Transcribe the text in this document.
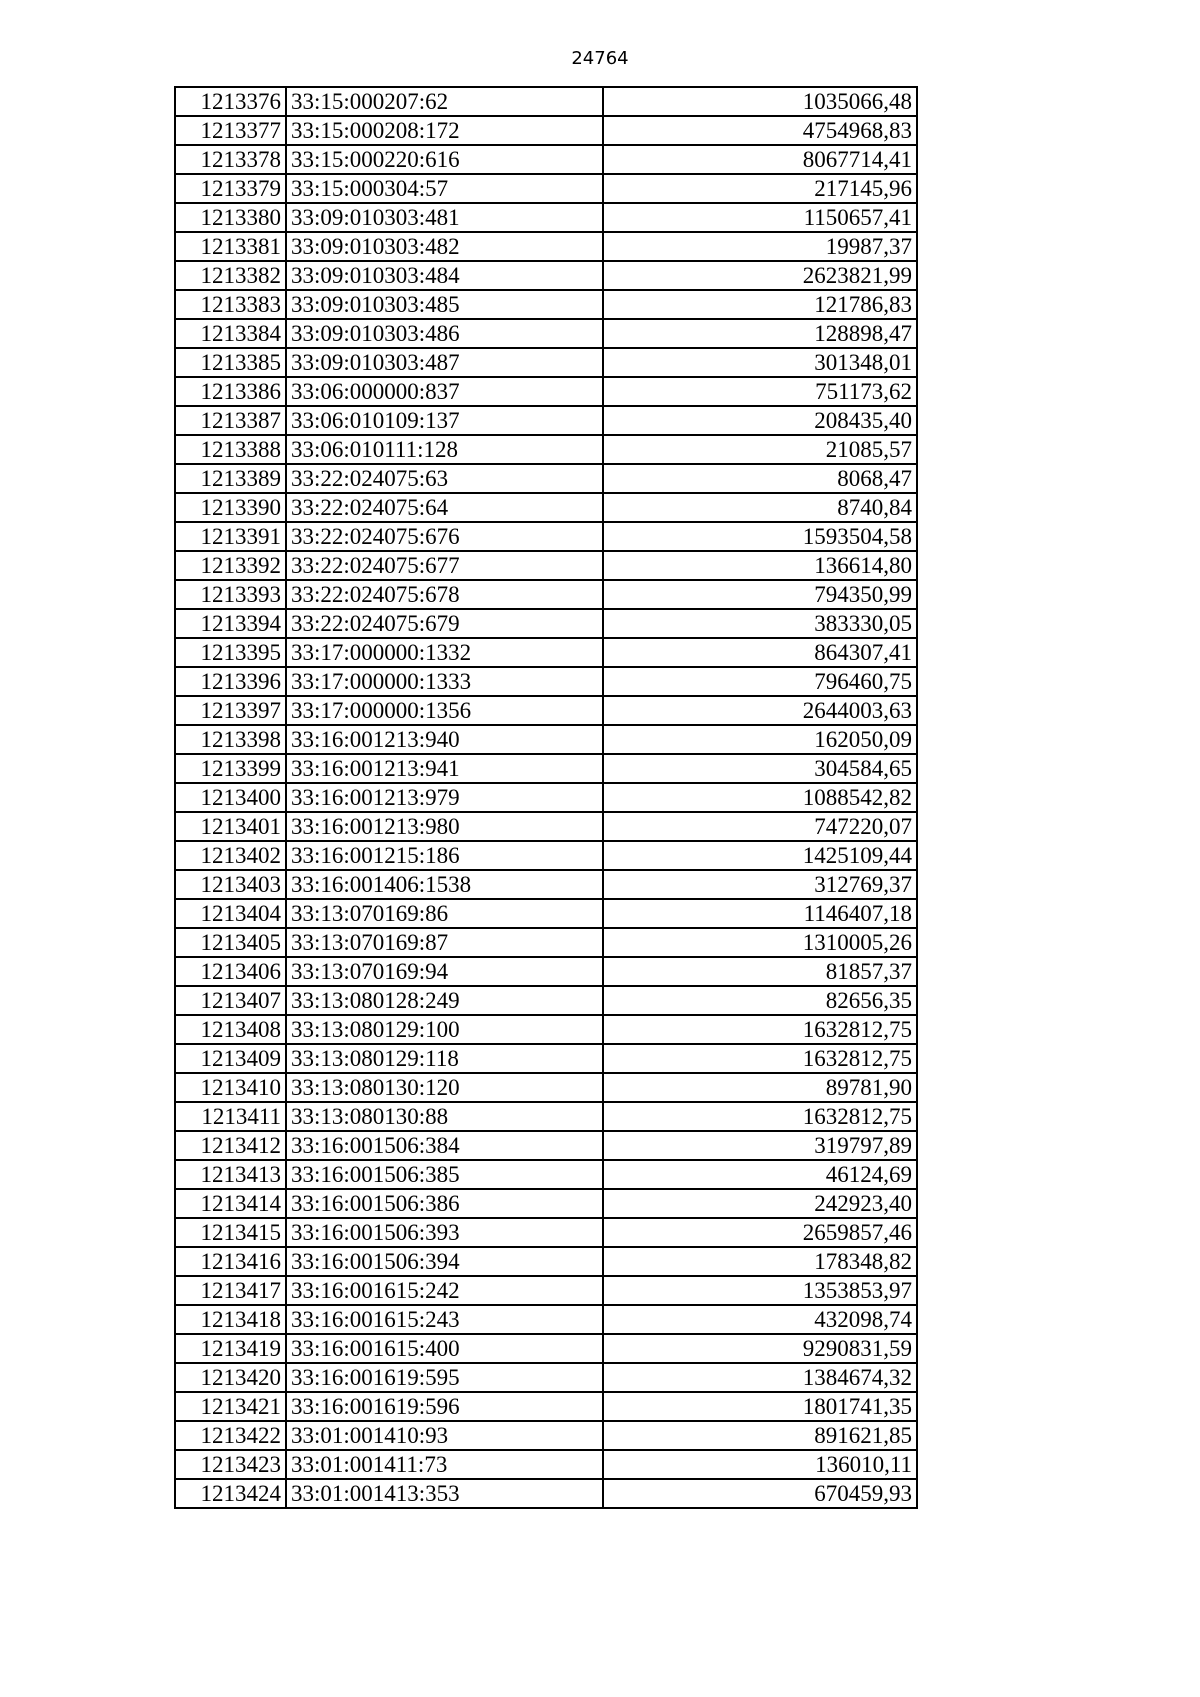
24764
1213376	33:15:000207:62	1035066,48
1213377	33:15:000208:172	4754968,83
1213378	33:15:000220:616	8067714,41
1213379	33:15:000304:57	217145,96
1213380	33:09:010303:481	1150657,41
1213381	33:09:010303:482	19987,37
1213382	33:09:010303:484	2623821,99
1213383	33:09:010303:485	121786,83
1213384	33:09:010303:486	128898,47
1213385	33:09:010303:487	301348,01
1213386	33:06:000000:837	751173,62
1213387	33:06:010109:137	208435,40
1213388	33:06:010111:128	21085,57
1213389	33:22:024075:63	8068,47
1213390	33:22:024075:64	8740,84
1213391	33:22:024075:676	1593504,58
1213392	33:22:024075:677	136614,80
1213393	33:22:024075:678	794350,99
1213394	33:22:024075:679	383330,05
1213395	33:17:000000:1332	864307,41
1213396	33:17:000000:1333	796460,75
1213397	33:17:000000:1356	2644003,63
1213398	33:16:001213:940	162050,09
1213399	33:16:001213:941	304584,65
1213400	33:16:001213:979	1088542,82
1213401	33:16:001213:980	747220,07
1213402	33:16:001215:186	1425109,44
1213403	33:16:001406:1538	312769,37
1213404	33:13:070169:86	1146407,18
1213405	33:13:070169:87	1310005,26
1213406	33:13:070169:94	81857,37
1213407	33:13:080128:249	82656,35
1213408	33:13:080129:100	1632812,75
1213409	33:13:080129:118	1632812,75
1213410	33:13:080130:120	89781,90
1213411	33:13:080130:88	1632812,75
1213412	33:16:001506:384	319797,89
1213413	33:16:001506:385	46124,69
1213414	33:16:001506:386	242923,40
1213415	33:16:001506:393	2659857,46
1213416	33:16:001506:394	178348,82
1213417	33:16:001615:242	1353853,97
1213418	33:16:001615:243	432098,74
1213419	33:16:001615:400	9290831,59
1213420	33:16:001619:595	1384674,32
1213421	33:16:001619:596	1801741,35
1213422	33:01:001410:93	891621,85
1213423	33:01:001411:73	136010,11
1213424	33:01:001413:353	670459,93
